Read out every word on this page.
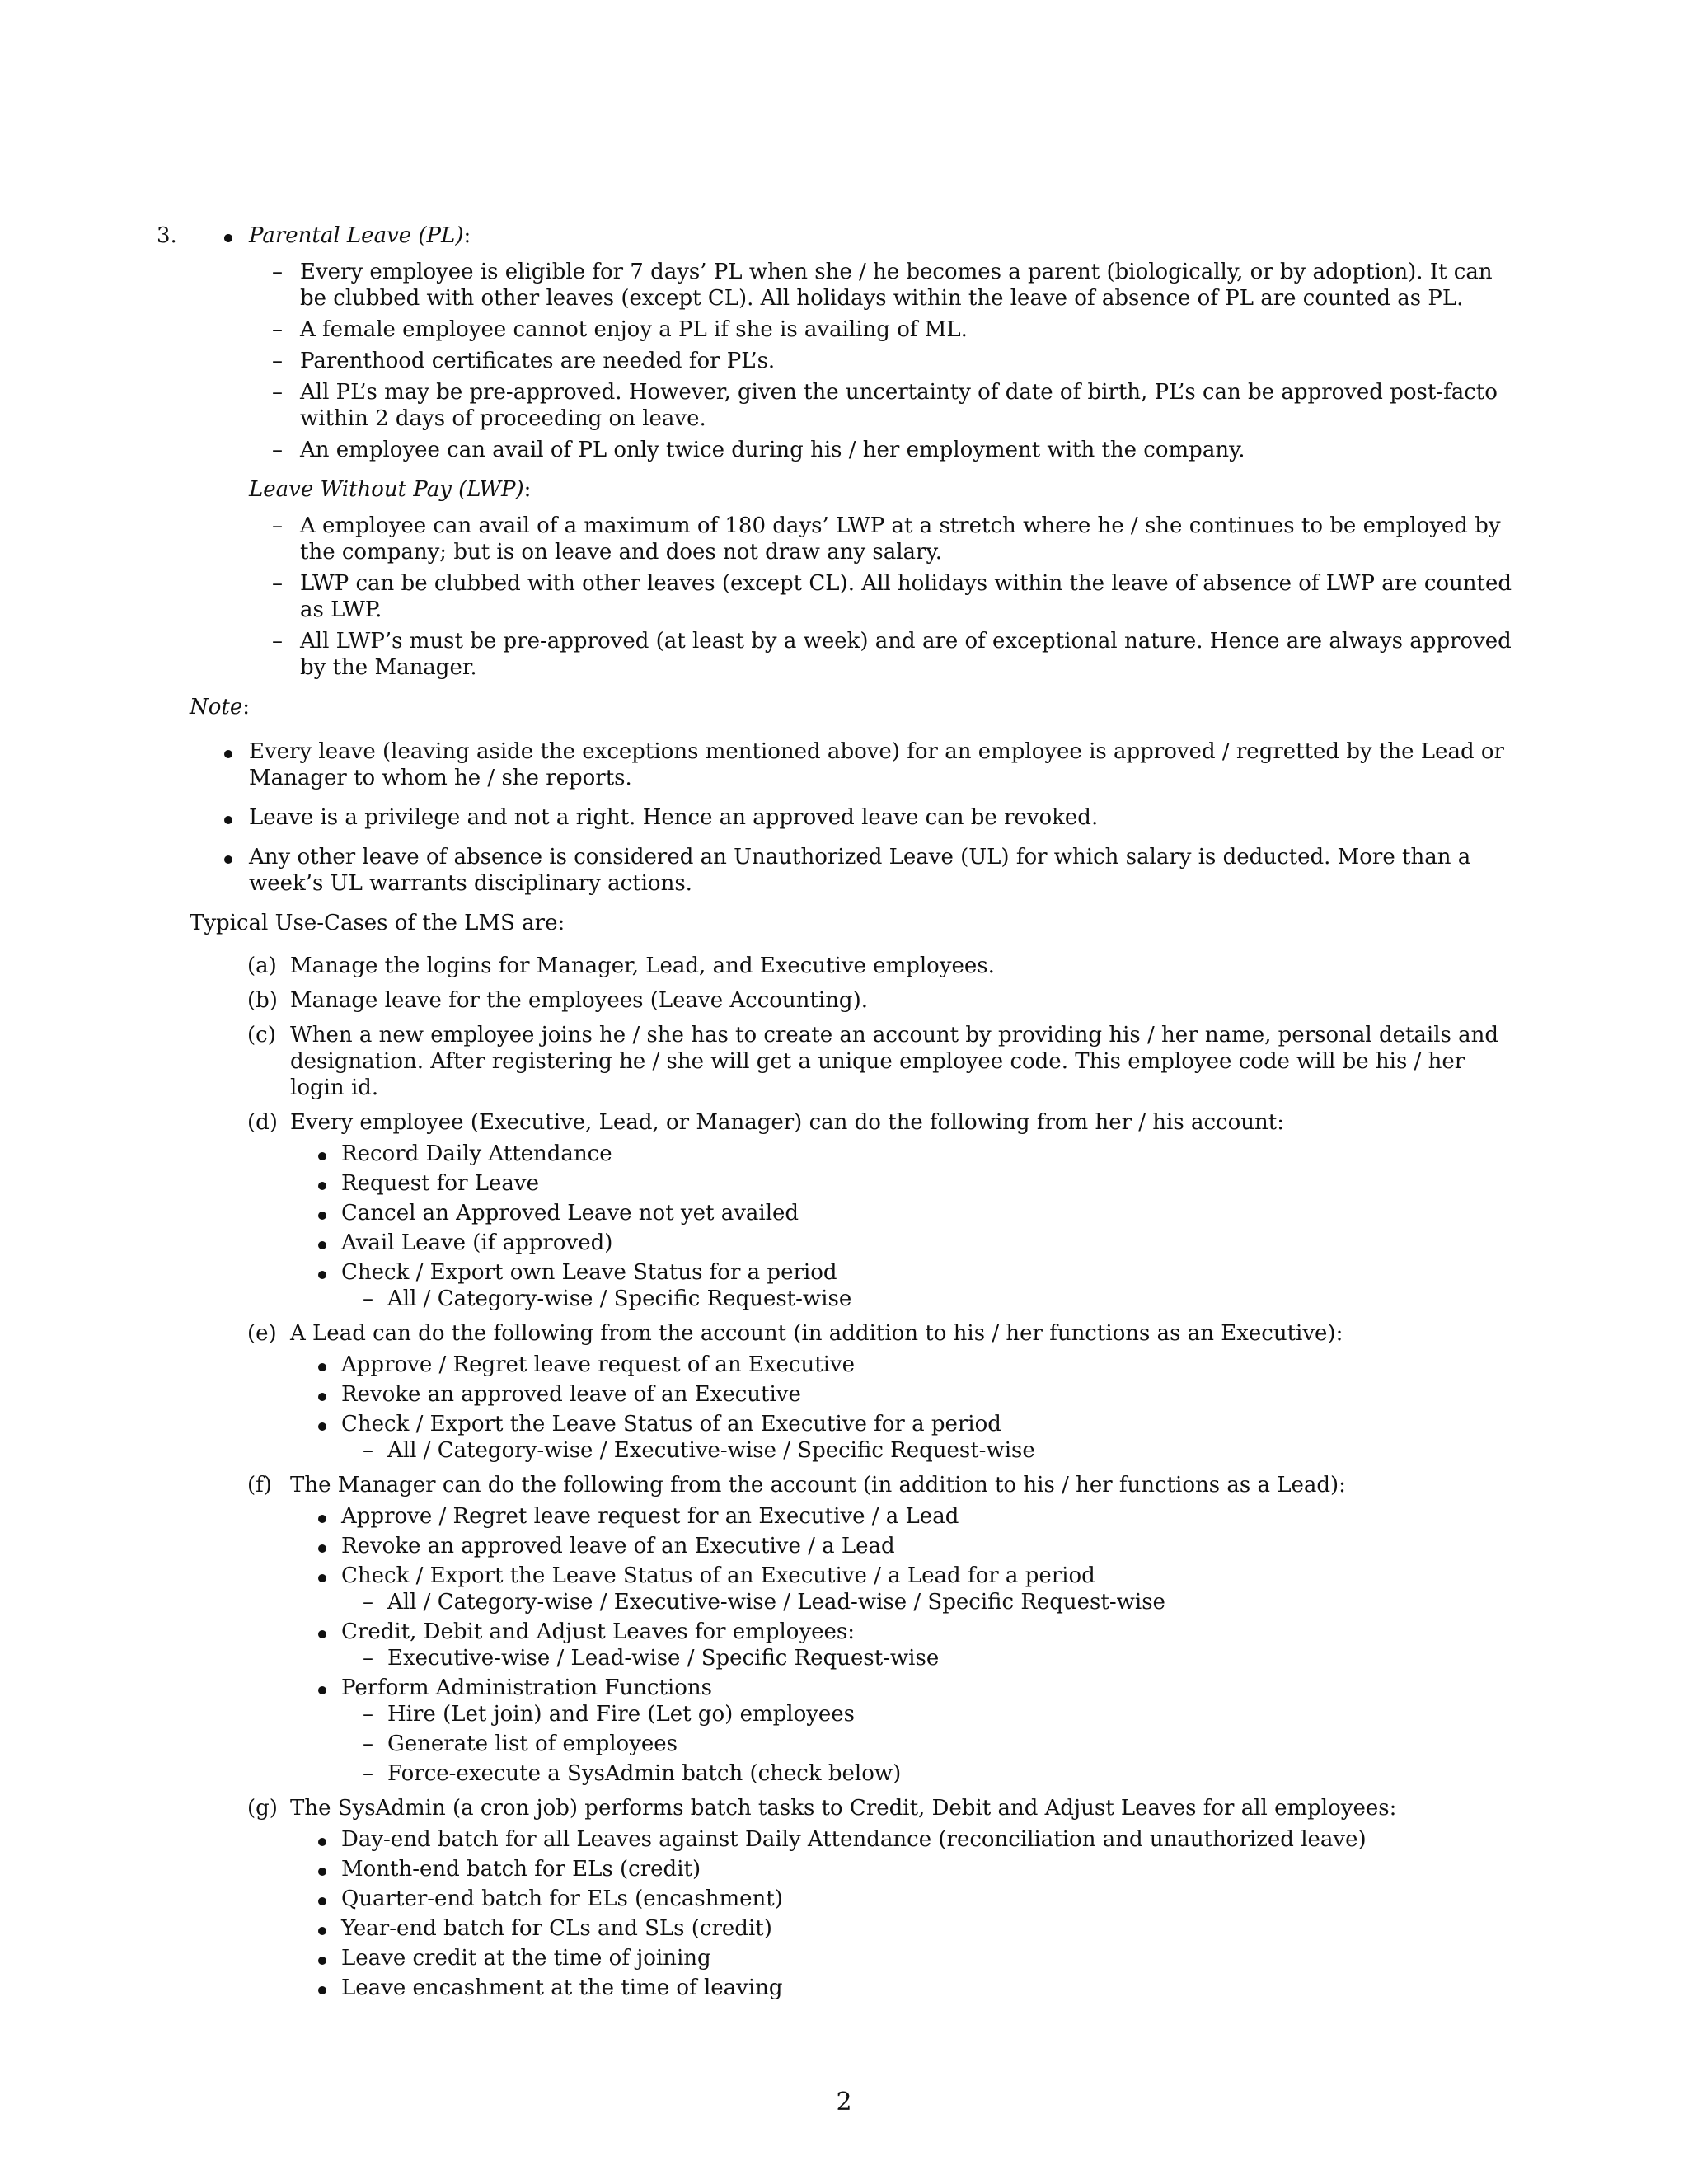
Parental Leave (PL):
– Every employee is eligible for 7 days’ PL when she / he becomes a parent (biologically, or by adoption). It can be clubbed with other leaves (except CL). All holidays within the leave of absence of PL are counted as PL.
– A female employee cannot enjoy a PL if she is availing of ML.
– Parenthood certificates are needed for PL’s.
– All PL’s may be pre-approved. However, given the uncertainty of date of birth, PL’s can be approved post-facto within 2 days of proceeding on leave.
– An employee can avail of PL only twice during his / her employment with the company.
Leave Without Pay (LWP):
– A employee can avail of a maximum of 180 days’ LWP at a stretch where he / she continues to be employed by the company; but is on leave and does not draw any salary.
– LWP can be clubbed with other leaves (except CL). All holidays within the leave of absence of LWP are counted as LWP.
– All LWP’s must be pre-approved (at least by a week) and are of exceptional nature. Hence are always approved by the Manager.
Note:
Every leave (leaving aside the exceptions mentioned above) for an employee is approved / regretted by the Lead or Manager to whom he / she reports.
Leave is a privilege and not a right. Hence an approved leave can be revoked.
Any other leave of absence is considered an Unauthorized Leave (UL) for which salary is deducted. More than a week’s UL warrants disciplinary actions.
3.
Typical Use-Cases of the LMS are:
(a) Manage the logins for Manager, Lead, and Executive employees.
(b) Manage leave for the employees (Leave Accounting).
(c) When a new employee joins he / she has to create an account by providing his / her name, personal details and designation. After registering he / she will get a unique employee code. This employee code will be his / her login id.
(d) Every employee (Executive, Lead, or Manager) can do the following from her / his account:
Record Daily Attendance
Request for Leave
Cancel an Approved Leave not yet availed
Avail Leave (if approved)
Check / Export own Leave Status for a period
– All / Category-wise / Specific Request-wise
(e) A Lead can do the following from the account (in addition to his / her functions as an Executive):
Approve / Regret leave request of an Executive
Revoke an approved leave of an Executive
Check / Export the Leave Status of an Executive for a period
– All / Category-wise / Executive-wise / Specific Request-wise
(f) The Manager can do the following from the account (in addition to his / her functions as a Lead):
Approve / Regret leave request for an Executive / a Lead
Revoke an approved leave of an Executive / a Lead
Check / Export the Leave Status of an Executive / a Lead for a period
– All / Category-wise / Executive-wise / Lead-wise / Specific Request-wise
Credit, Debit and Adjust Leaves for employees:
– Executive-wise / Lead-wise / Specific Request-wise
Perform Administration Functions
– Hire (Let join) and Fire (Let go) employees
– Generate list of employees
– Force-execute a SysAdmin batch (check below)
(g) The SysAdmin (a cron job) performs batch tasks to Credit, Debit and Adjust Leaves for all employees:
Day-end batch for all Leaves against Daily Attendance (reconciliation and unauthorized leave)
Month-end batch for ELs (credit)
Quarter-end batch for ELs (encashment)
Year-end batch for CLs and SLs (credit)
Leave credit at the time of joining
Leave encashment at the time of leaving
2
